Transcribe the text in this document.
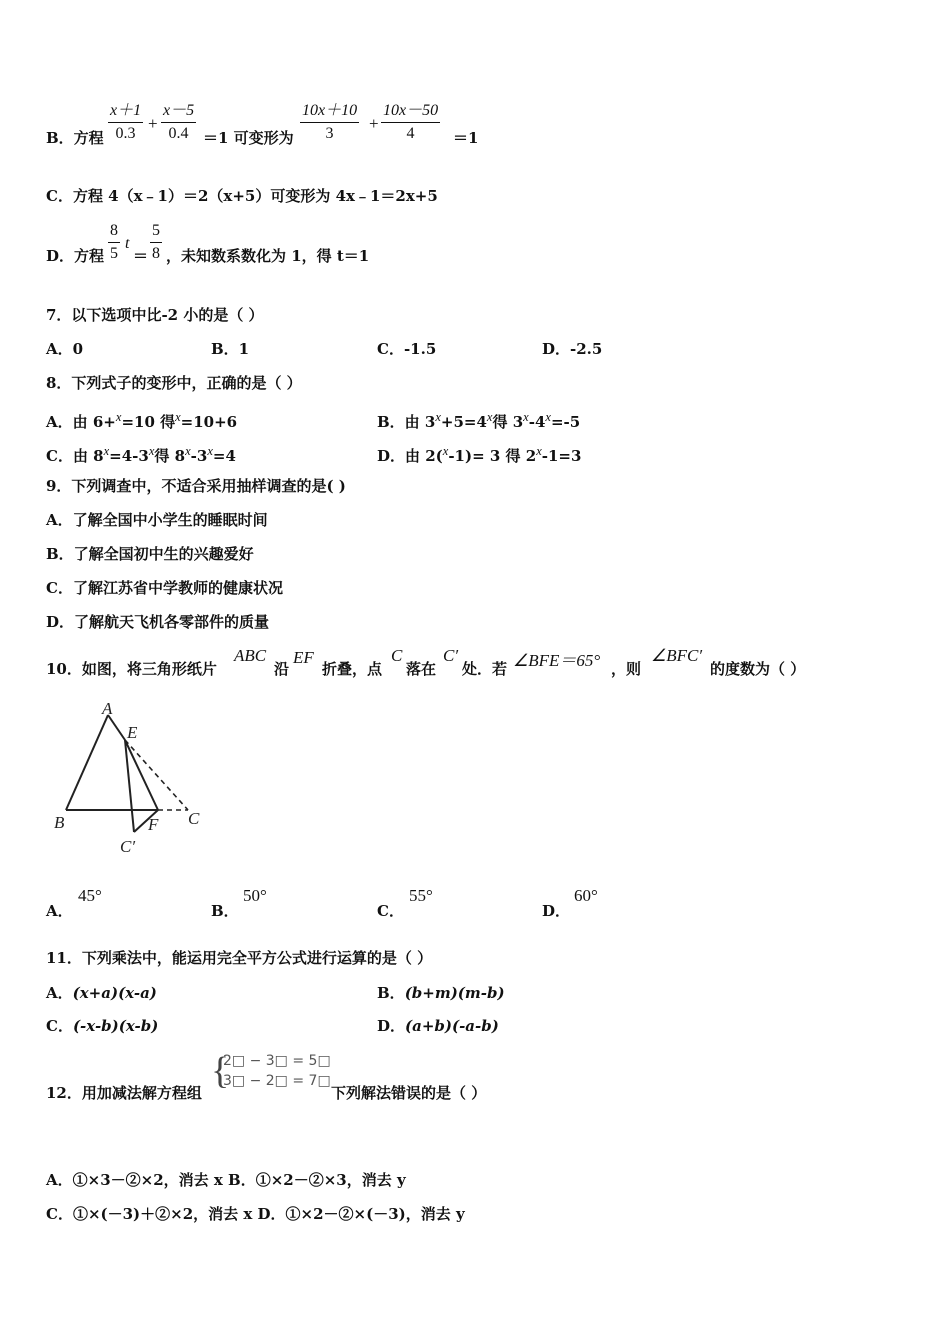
B．方程 $\frac{x+1}{0.3} + \frac{x-5}{0.4} =1$ 可变形为 $\frac{10x+10}{3} + \frac{10x-50}{4} =1$
C．方程 4（x﹣1）＝2（x+5）可变形为 4x﹣1＝2x+5
D．方程 $\frac{8}{5}$ t
＝ $\frac{5}{8}$ ，未知数系数化为 1，得 t＝1
7．以下选项中比-2 小的是（ ）
A．0	B．1	C．-1.5	D．-2.5
8．下列式子的变形中，正确的是（ ）
A．由 6+$^x$=10 得$^x$=10+6	B．由 $3^x+5=4^x$得 $3^x-4^x=-5$
C．由 $8^x=4-3^x$得 $8^x-3^x=4$	D．由 2($^x$-1)= 3 得 $2^x-1=3$
9．下列调查中，不适合采用抽样调查的是( )
A．了解全国中小学生的睡眠时间
B．了解全国初中生的兴趣爱好
C．了解江苏省中学教师的健康状况
D．了解航天飞机各零部件的质量
10．如图，将三角形纸片
ABC
沿
EF
折叠，点
C
落在
C′
处．若 ∠BFE＝65° ，则
∠BFC′
的度数为（ ）
A
E
B	F C
C′
A．
45°
B．
50°
C．
55°
D．
60°
11．下列乘法中，能运用完全平方公式进行运算的是（ ）
A．(x+a)(x-a)	B．(b+m)(m-b)
C．(-x-b)(x-b)	D．(a+b)(-a-b)
12．用加减法解方程组
{
2□ − 3□ = 5□
3□ − 2□ = 7□
下列解法错误的是（ ）
A．①×3－②×2，消去 x B．①×2－②×3，消去 y
C．①×(－3)＋②×2，消去 x D．①×2－②×(－3)，消去 y
